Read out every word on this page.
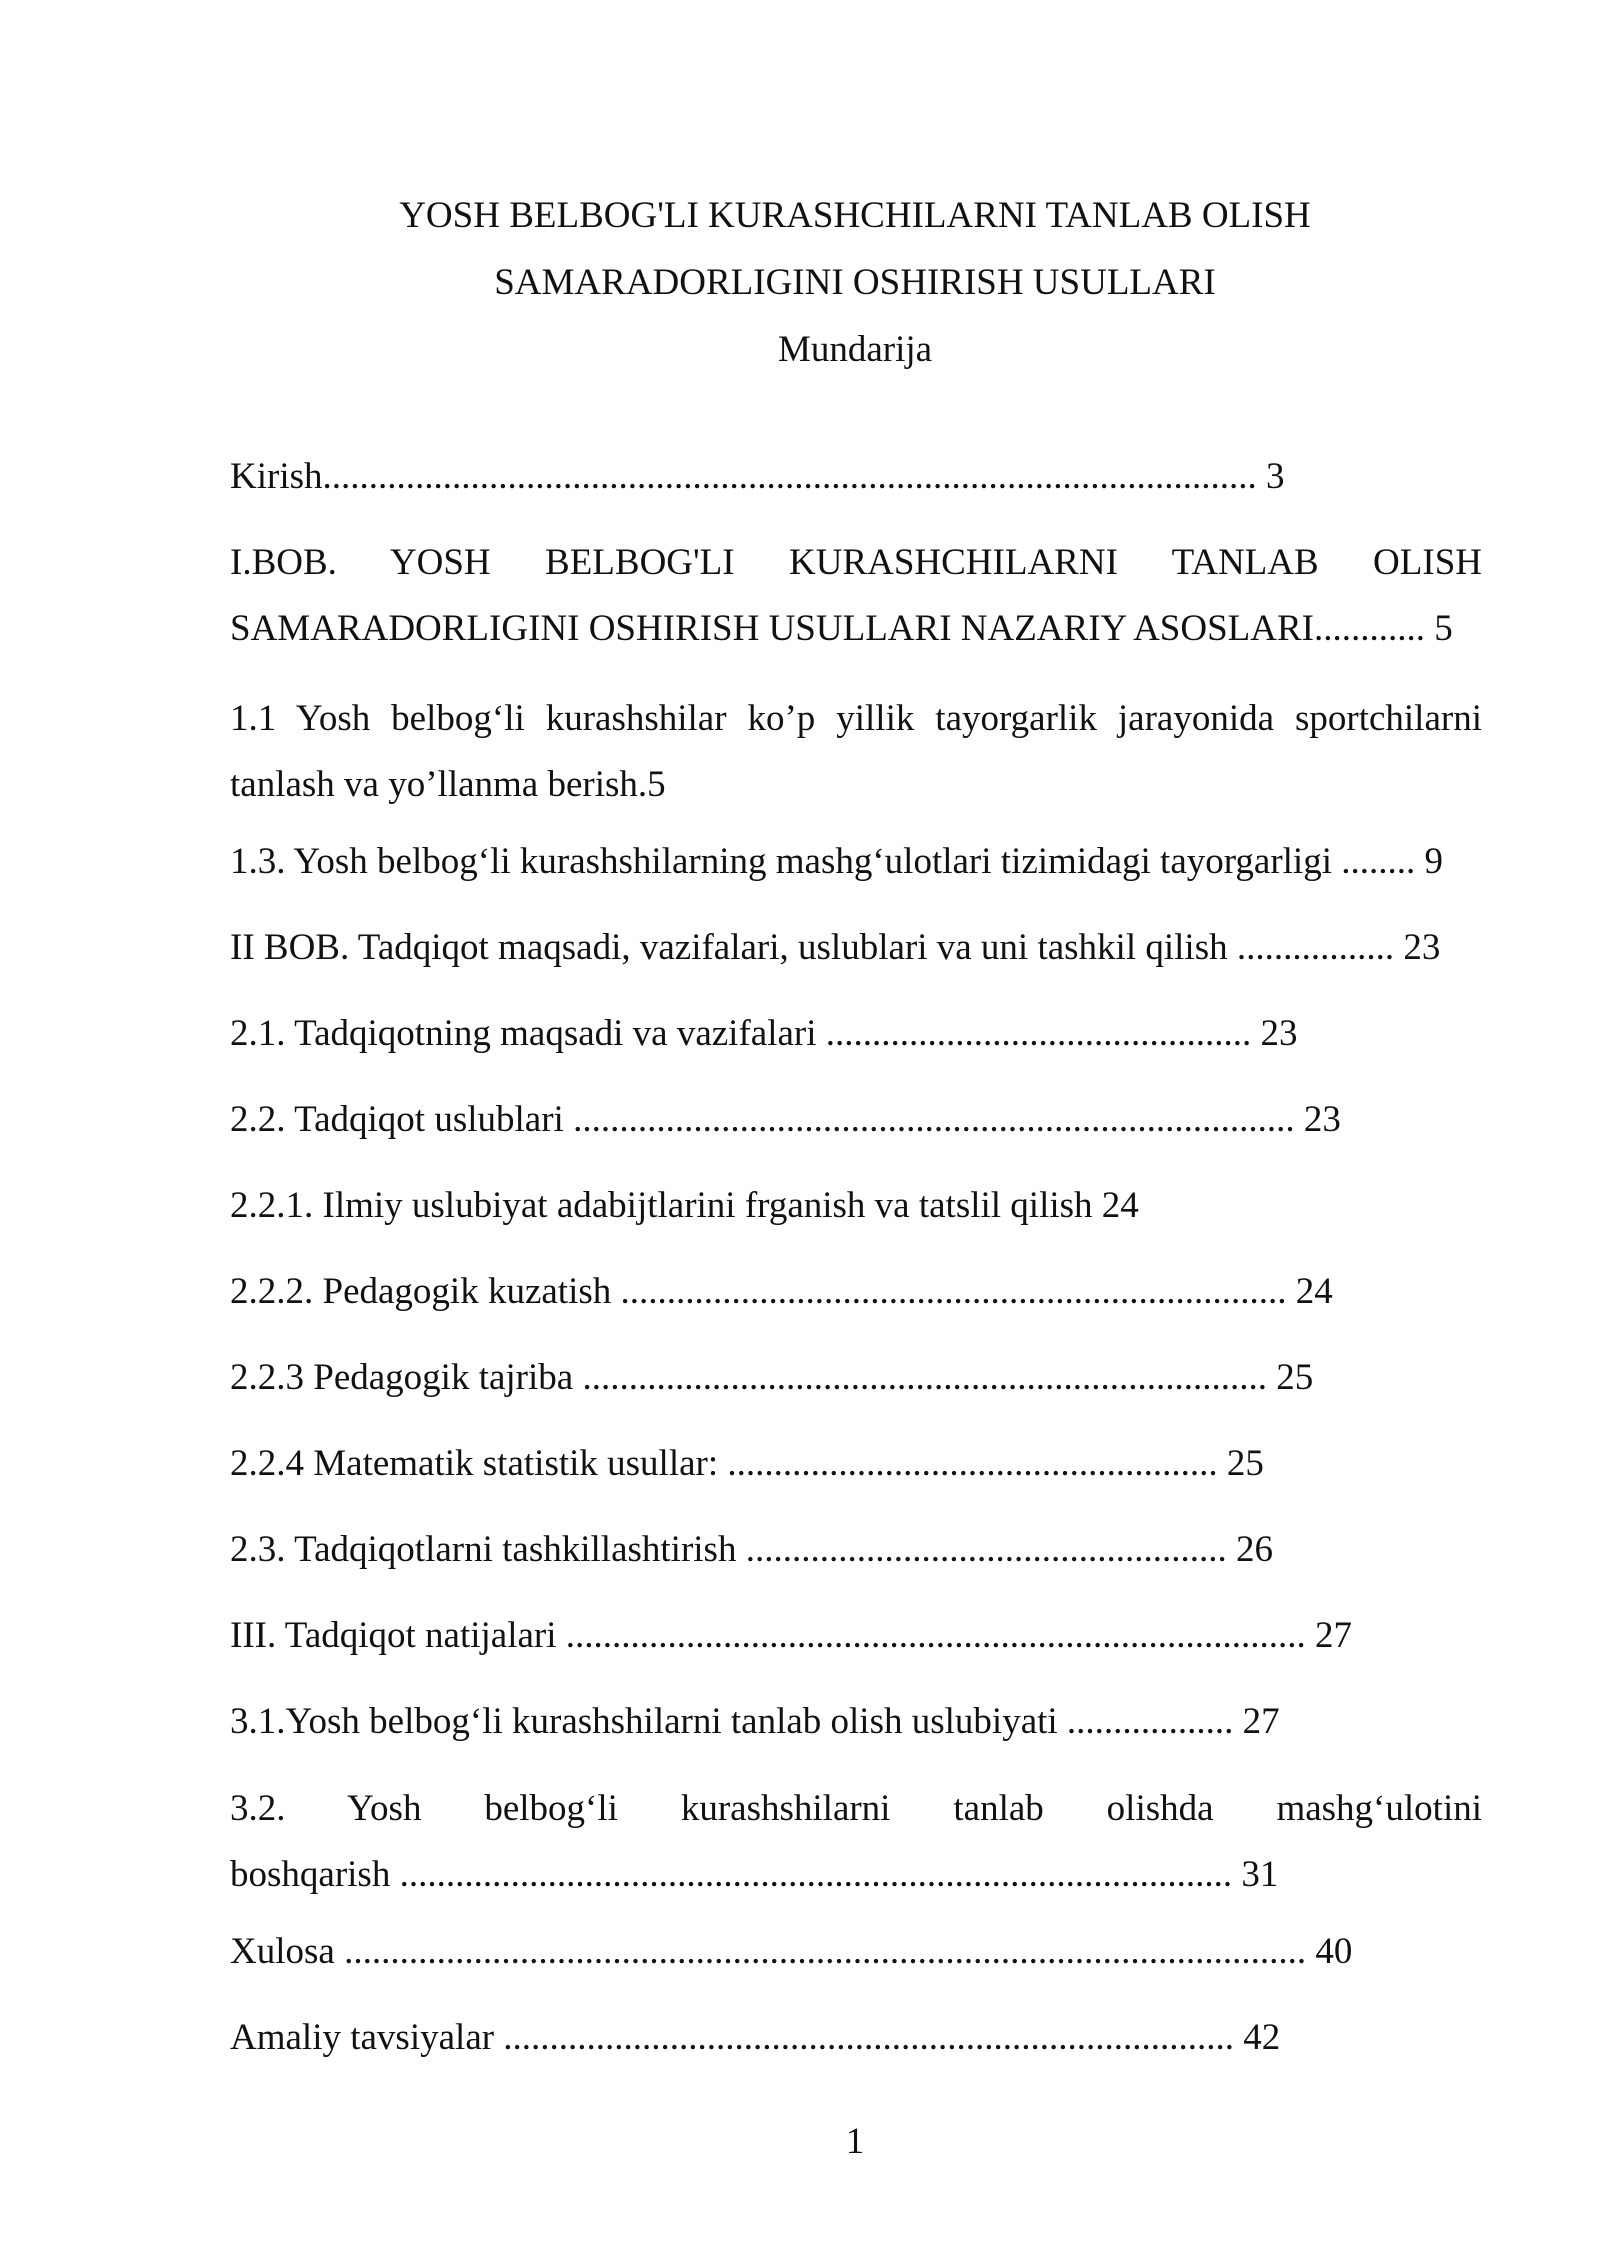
YOSH BELBOG'LI KURASHCHILARNI TANLAB OLISH
SAMARADORLIGINI OSHIRISH USULLARI
Mundarija

Kirish..................................................................................................... 3

I.BOB. YOSH BELBOG'LI KURASHCHILARNI TANLAB OLISH
SAMARADORLIGINI OSHIRISH USULLARI NAZARIY ASOSLARI............ 5
1.1 Yosh belbog‘li kurashshilar ko’p yillik tayorgarlik jarayonida sportchilarni
tanlash va yo’llanma berish.5

1.3. Yosh belbog‘li kurashshilarning mashg‘ulotlari tizimidagi tayorgarligi ........ 9

II BOB. Tadqiqot maqsadi, vazifalari, uslublari va uni tashkil qilish ................. 23

2.1. Tadqiqotning maqsadi va vazifalari .............................................. 23

2.2. Tadqiqot uslublari .............................................................................. 23

2.2.1. Ilmiy uslubiyat adabijtlarini frganish va tatslil qilish 24

2.2.2. Pedagogik kuzatish ........................................................................ 24

2.2.3 Pedagogik tajriba .......................................................................... 25

2.2.4 Matematik statistik usullar: ..................................................... 25

2.3. Tadqiqotlarni tashkillashtirish .................................................... 26

III. Tadqiqot natijalari ................................................................................ 27

3.1.Yosh belbog‘li kurashshilarni tanlab olish uslubiyati .................. 27

3.2. Yosh belbog‘li kurashshilarni tanlab olishda mashg‘ulotini
boshqarish .......................................................................................... 31

Xulosa ........................................................................................................ 40

Amaliy tavsiyalar ............................................................................... 42

1
